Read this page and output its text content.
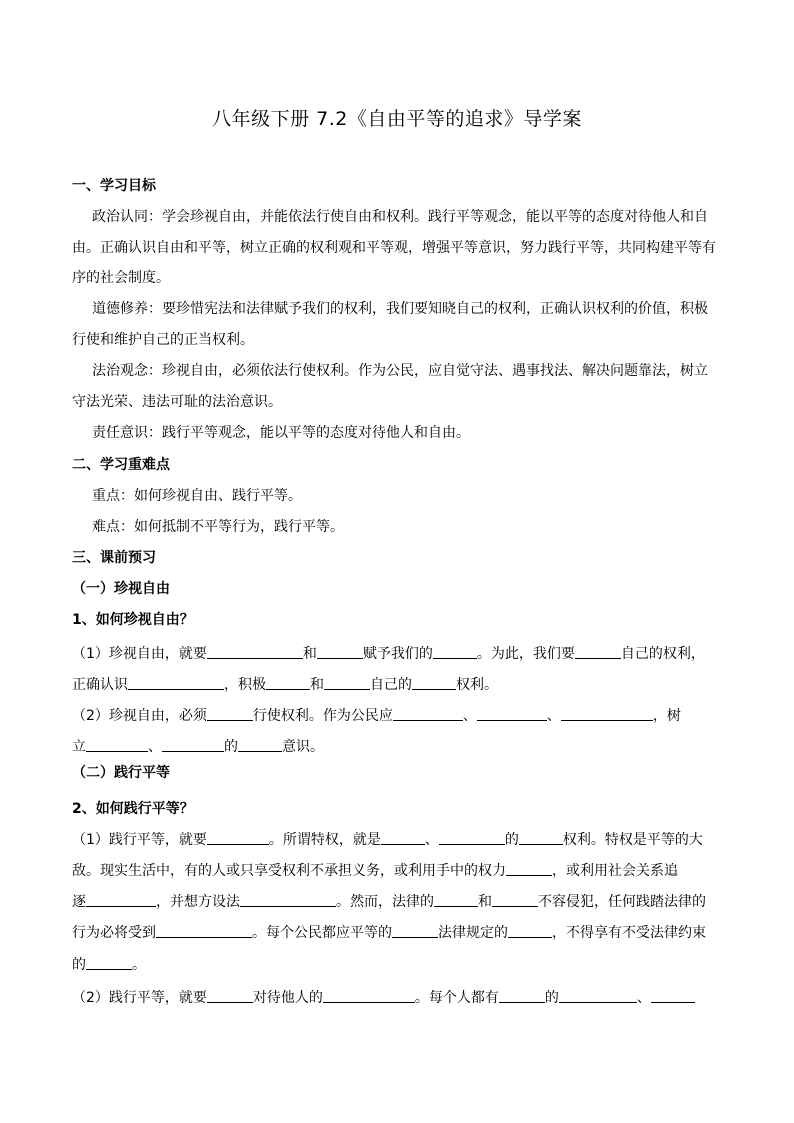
八年级下册 7.2《自由平等的追求》导学案
一、学习目标
政治认同：学会珍视自由，并能依法行使自由和权利。践行平等观念，能以平等的态度对待他人和自
由。正确认识自由和平等，树立正确的权利观和平等观，增强平等意识，努力践行平等，共同构建平等有
序的社会制度。
道德修养：要珍惜宪法和法律赋予我们的权利，我们要知晓自己的权利，正确认识权利的价值，积极
行使和维护自己的正当权利。
法治观念：珍视自由，必须依法行使权利。作为公民，应自觉守法、遇事找法、解决问题靠法，树立
守法光荣、违法可耻的法治意识。
责任意识：践行平等观念，能以平等的态度对待他人和自由。
二、学习重难点
重点：如何珍视自由、践行平等。
难点：如何抵制不平等行为，践行平等。
三、课前预习
（一）珍视自由
1、如何珍视自由？
（1）珍视自由，就要	和	赋予我们的	。为此，我们要	自己的权利，
正确认识	，积极	和	自己的	权利。
（2）珍视自由，必须	行使权利。作为公民应	、	、	，树
立	、	的	意识。
（二）践行平等
2、如何践行平等？
（1）践行平等，就要	。所谓特权，就是	、	的	权利。特权是平等的大
敌。现实生活中，有的人或只享受权利不承担义务，或利用手中的权力	，或利用社会关系追
逐	，并想方设法	。然而，法律的	和	不容侵犯，任何践踏法律的
行为必将受到	。每个公民都应平等的	法律规定的	，不得享有不受法律约束
的	。
（2）践行平等，就要	对待他人的	。每个人都有	的	、
